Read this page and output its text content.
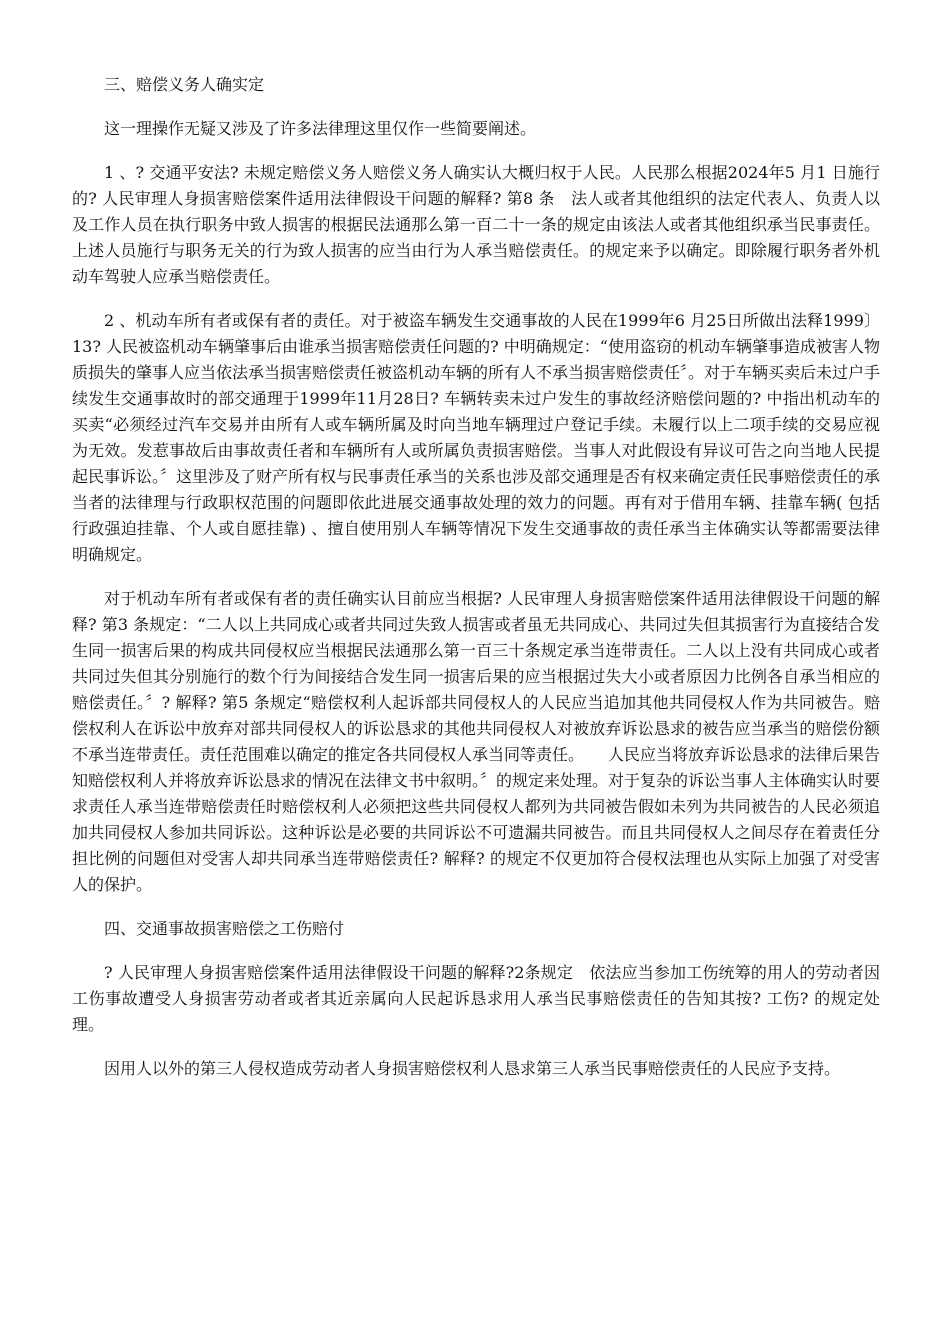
三、赔偿义务人确实定

这一理操作无疑又涉及了许多法律理这里仅作一些简要阐述。

1 、? 交通平安法? 未规定赔偿义务人赔偿义务人确实认大概归权于人民。人民那么根据2024年5 月1 日施行的? 人民审理人身损害赔偿案件适用法律假设干问题的解释? 第8 条　法人或者其他组织的法定代表人、负责人以及工作人员在执行职务中致人损害的根据民法通那么第一百二十一条的规定由该法人或者其他组织承当民事责任。上述人员施行与职务无关的行为致人损害的应当由行为人承当赔偿责任。的规定来予以确定。即除履行职务者外机动车驾驶人应承当赔偿责任。

2 、机动车所有者或保有者的责任。对于被盗车辆发生交通事故的人民在1999年6 月25日所做出法释1999〕13? 人民被盗机动车辆肇事后由谁承当损害赔偿责任问题的? 中明确规定：“使用盗窃的机动车辆肇事造成被害人物质损失的肇事人应当依法承当损害赔偿责任被盗机动车辆的所有人不承当损害赔偿责任〞。对于车辆买卖后未过户手续发生交通事故时的部交通理于1999年11月28日? 车辆转卖未过户发生的事故经济赔偿问题的? 中指出机动车的买卖“必须经过汽车交易并由所有人或车辆所属及时向当地车辆理过户登记手续。未履行以上二项手续的交易应视为无效。发惹事故后由事故责任者和车辆所有人或所属负责损害赔偿。当事人对此假设有异议可告之向当地人民提起民事诉讼。〞这里涉及了财产所有权与民事责任承当的关系也涉及部交通理是否有权来确定责任民事赔偿责任的承当者的法律理与行政职权范围的问题即依此进展交通事故处理的效力的问题。再有对于借用车辆、挂靠车辆( 包括行政强迫挂靠、个人或自愿挂靠) 、擅自使用别人车辆等情况下发生交通事故的责任承当主体确实认等都需要法律明确规定。

对于机动车所有者或保有者的责任确实认目前应当根据? 人民审理人身损害赔偿案件适用法律假设干问题的解释? 第3 条规定：“二人以上共同成心或者共同过失致人损害或者虽无共同成心、共同过失但其损害行为直接结合发生同一损害后果的构成共同侵权应当根据民法通那么第一百三十条规定承当连带责任。二人以上没有共同成心或者共同过失但其分别施行的数个行为间接结合发生同一损害后果的应当根据过失大小或者原因力比例各自承当相应的赔偿责任。〞? 解释? 第5 条规定“赔偿权利人起诉部共同侵权人的人民应当追加其他共同侵权人作为共同被告。赔偿权利人在诉讼中放弃对部共同侵权人的诉讼恳求的其他共同侵权人对被放弃诉讼恳求的被告应当承当的赔偿份额不承当连带责任。责任范围难以确定的推定各共同侵权人承当同等责任。　　人民应当将放弃诉讼恳求的法律后果告知赔偿权利人并将放弃诉讼恳求的情况在法律文书中叙明。〞的规定来处理。对于复杂的诉讼当事人主体确实认时要求责任人承当连带赔偿责任时赔偿权利人必须把这些共同侵权人都列为共同被告假如未列为共同被告的人民必须追加共同侵权人参加共同诉讼。这种诉讼是必要的共同诉讼不可遗漏共同被告。而且共同侵权人之间尽存在着责任分担比例的问题但对受害人却共同承当连带赔偿责任? 解释? 的规定不仅更加符合侵权法理也从实际上加强了对受害人的保护。

四、交通事故损害赔偿之工伤赔付

? 人民审理人身损害赔偿案件适用法律假设干问题的解释?2条规定　依法应当参加工伤统筹的用人的劳动者因工伤事故遭受人身损害劳动者或者其近亲属向人民起诉恳求用人承当民事赔偿责任的告知其按? 工伤? 的规定处理。

因用人以外的第三人侵权造成劳动者人身损害赔偿权利人恳求第三人承当民事赔偿责任的人民应予支持。
